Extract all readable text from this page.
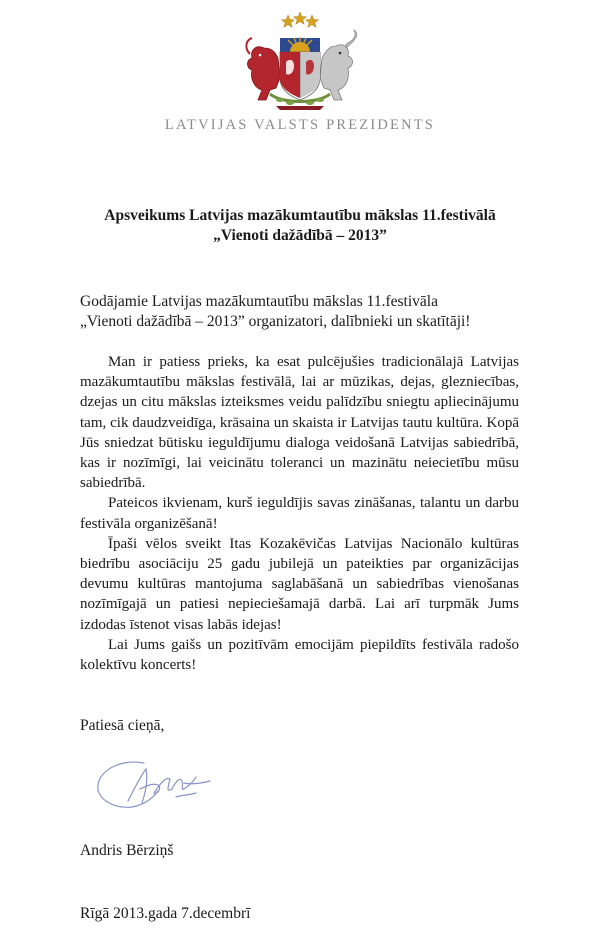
LATVIJAS VALSTS PREZIDENTS
Apsveikums Latvijas mazākumtautību mākslas 11.festivālā
„Vienoti dažādībā – 2013”
Godājamie Latvijas mazākumtautību mākslas 11.festivāla
„Vienoti dažādībā – 2013” organizatori, dalībnieki un skatītāji!

Man ir patiess prieks, ka esat pulcējušies tradicionālajā Latvijas mazākumtautību mākslas festivālā, lai ar mūzikas, dejas, glezniecības, dzejas un citu mākslas izteiksmes veidu palīdzību sniegtu apliecinājumu tam, cik daudzveidīga, krāsaina un skaista ir Latvijas tautu kultūra. Kopā Jūs sniedzat būtisku ieguldījumu dialoga veidošanā Latvijas sabiedrībā, kas ir nozīmīgi, lai veicinātu toleranci un mazinātu neiecietību mūsu sabiedrībā.

Pateicos ikvienam, kurš ieguldījis savas zināšanas, talantu un darbu festivāla organizēšanā!

Īpaši vēlos sveikt Itas Kozakēvičas Latvijas Nacionālo kultūras biedrību asociāciju 25 gadu jubilejā un pateikties par organizācijas devumu kultūras mantojuma saglabāšanā un sabiedrības vienošanas nozīmīgajā un patiesi nepieciešamajā darbā. Lai arī turpmāk Jums izdodas īstenot visas labās idejas!

Lai Jums gaišs un pozitīvām emocijām piepildīts festivāla radošo kolektīvu koncerts!

Patiesā cieņā,
Andris Bērziņš
Rīgā 2013.gada 7.decembrī
